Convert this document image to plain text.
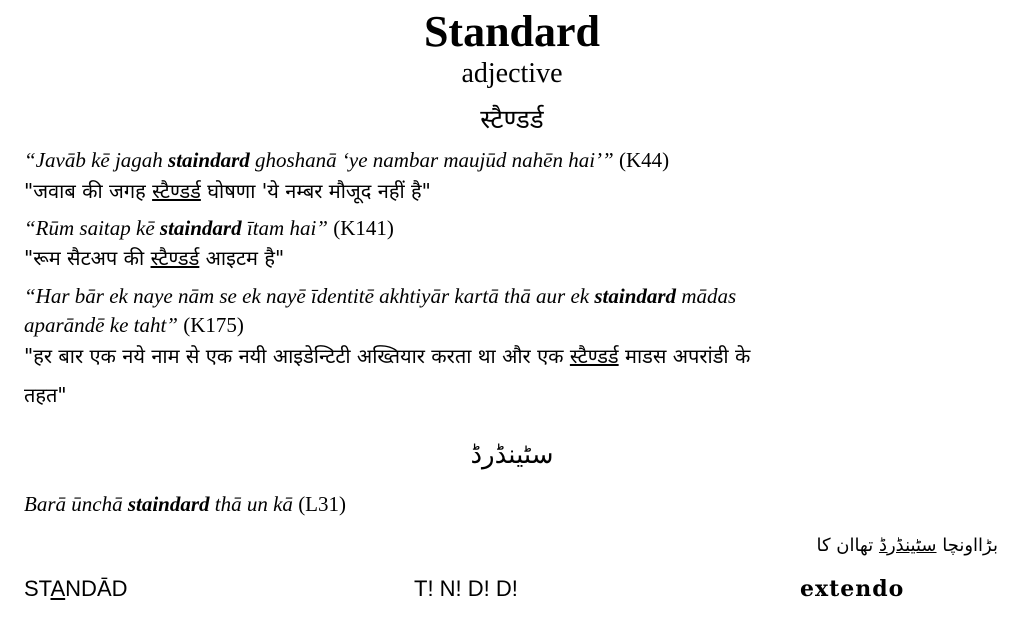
Standard
adjective
स्टैण्डर्ड
“Javāb kē jagah staindard ghoshanā ‘ye nambar maujūd nahēn hai’” (K44)
"जवाब की जगह स्टैण्डर्ड घोषणा 'ये नम्बर मौजूद नहीं है"
“Rūm saitap kē staindard ītam hai” (K141)
"रूम सैटअप की स्टैण्डर्ड आइटम है"
“Har bār ek naye nām se ek nayē īdentitē akhtiyār kartā thā aur ek staindard mādas
aparāndē ke taht” (K175)
"हर बार एक नये नाम से एक नयी आइडेन्टिटी अख्तियार करता था और एक स्टैण्डर्ड माडस अपरांडी के
तहत"
سٹینڈرڈ
Barā ūnchā staindard thā un kā (L31)
بڑااونچا سٹینڈرڈ تھاان کا
STANDĀD	T! N! D! D!	extendo
